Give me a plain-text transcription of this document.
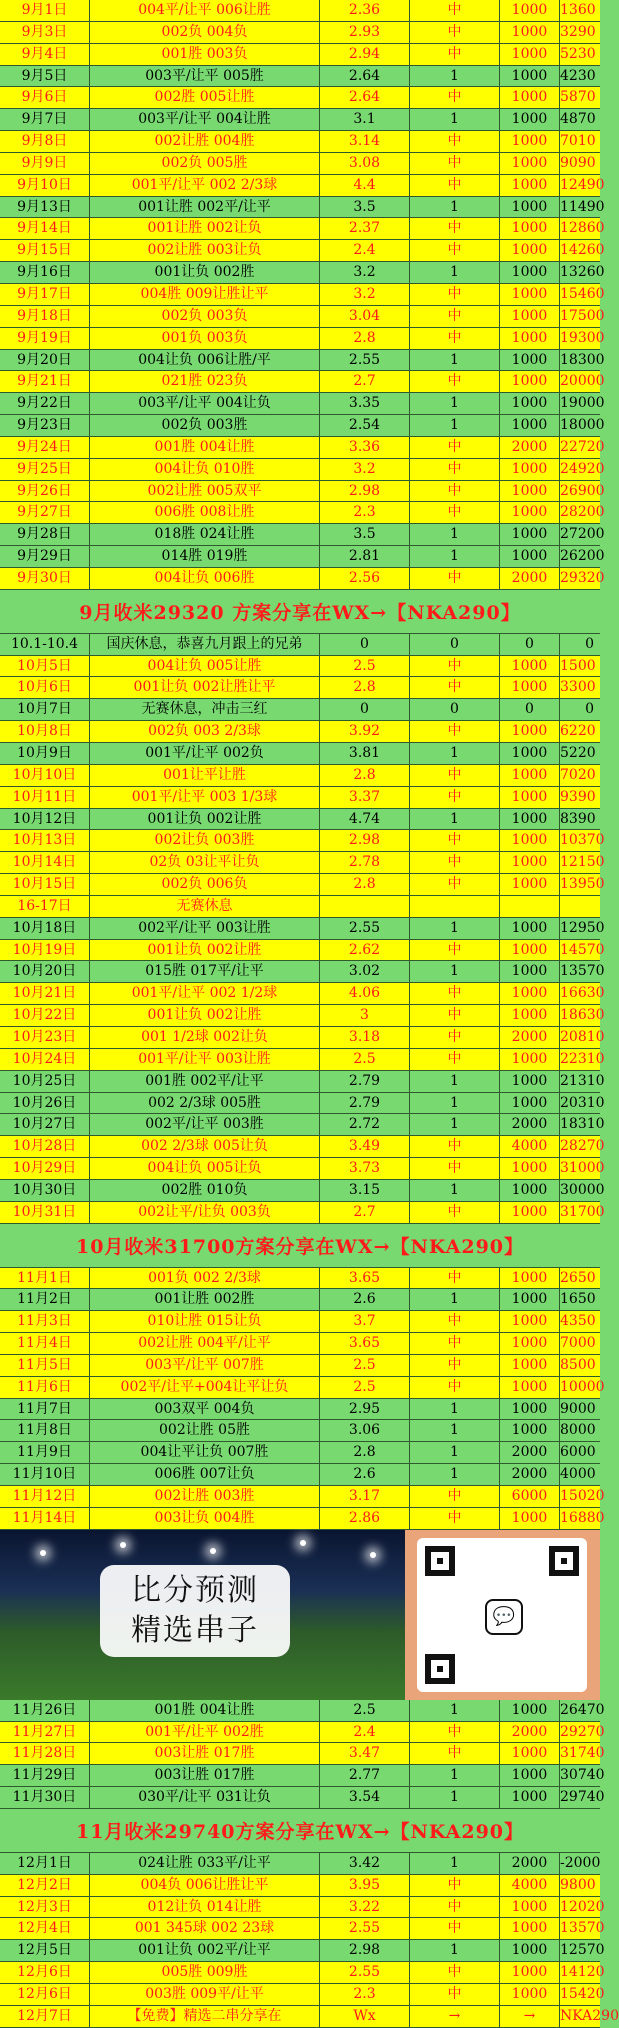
9月1日	004平/让平 006让胜	2.36	中	1000 1360
9月3日	002负 004负	2.93	中	1000 3290
9月4日	001胜 003负	2.94	中	1000 5230
9月5日	003平/让平 005胜	2.64	1	1000 4230
9月6日	002胜 005让胜	2.64	中	1000 5870
9月7日	003平/让平 004让胜	3.1	1	1000 4870
9月8日	002让胜 004胜	3.14	中	1000 7010
9月9日	002负 005胜	3.08	中	1000 9090
9月10日	001平/让平 002 2/3球	4.4	中	1000 12490
9月13日	001让胜 002平/让平	3.5	1	1000 11490
9月14日	001让胜 002让负	2.37	中	1000 12860
9月15日	002让胜 003让负	2.4	中	1000 14260
9月16日	001让负 002胜	3.2	1	1000 13260
9月17日	004胜 009让胜让平	3.2	中	1000 15460
9月18日	002负 003负	3.04	中	1000 17500
9月19日	001负 003负	2.8	中	1000 19300
9月20日	004让负 006让胜/平	2.55	1	1000 18300
9月21日	021胜 023负	2.7	中	1000 20000
9月22日	003平/让平 004让负	3.35	1	1000 19000
9月23日	002负 003胜	2.54	1	1000 18000
9月24日	001胜 004让胜	3.36	中	2000 22720
9月25日	004让负 010胜	3.2	中	1000 24920
9月26日	002让胜 005双平	2.98	中	1000 26900
9月27日	006胜 008让胜	2.3	中	1000 28200
9月28日	018胜 024让胜	3.5	1	1000 27200
9月29日	014胜 019胜	2.81	1	1000 26200
9月30日	004让负 006胜	2.56	中	2000 29320
9月收米29320 方案分享在WX→【NKA290】
10.1-10.4	国庆休息，恭喜九月跟上的兄弟	0	0	0	0
10月5日	004让负 005让胜	2.5	中	1000 1500
10月6日	001让负 002让胜让平	2.8	中	1000 3300
10月7日	无赛休息，冲击三红	0	0	0	0
10月8日	002负 003 2/3球	3.92	中	1000 6220
10月9日	001平/让平 002负	3.81	1	1000 5220
10月10日	001让平让胜	2.8	中	1000 7020
10月11日	001平/让平 003 1/3球	3.37	中	1000 9390
10月12日	001让负 002让胜	4.74	1	1000 8390
10月13日	002让负 003胜	2.98	中	1000 10370
10月14日	02负 03让平让负	2.78	中	1000 12150
10月15日	002负 006负	2.8	中	1000 13950
16-17日	无赛休息
10月18日	002平/让平 003让胜	2.55	1	1000 12950
10月19日	001让负 002让胜	2.62	中	1000 14570
10月20日	015胜 017平/让平	3.02	1	1000 13570
10月21日	001平/让平 002 1/2球	4.06	中	1000 16630
10月22日	001让负 002让胜	3	中	1000 18630
10月23日	001 1/2球 002让负	3.18	中	2000 20810
10月24日	001平/让平 003让胜	2.5	中	1000 22310
10月25日	001胜 002平/让平	2.79	1	1000 21310
10月26日	002 2/3球 005胜	2.79	1	1000 20310
10月27日	002平/让平 003胜	2.72	1	2000 18310
10月28日	002 2/3球 005让负	3.49	中	4000 28270
10月29日	004让负 005让负	3.73	中	1000 31000
10月30日	002胜 010负	3.15	1	1000 30000
10月31日	002让平/让负 003负	2.7	中	1000 31700
10月收米31700方案分享在WX→【NKA290】
11月1日	001负 002 2/3球	3.65	中	1000 2650
11月2日	001让胜 002胜	2.6	1	1000 1650
11月3日	010让胜 015让负	3.7	中	1000 4350
11月4日	002让胜 004平/让平	3.65	中	1000 7000
11月5日	003平/让平 007胜	2.5	中	1000 8500
11月6日	002平/让平+004让平让负	2.5	中	1000 10000
11月7日	003双平 004负	2.95	1	1000 9000
11月8日	002让胜 05胜	3.06	1	1000 8000
11月9日	004让平让负 007胜	2.8	1	2000 6000
11月10日	006胜 007让负	2.6	1	2000 4000
11月12日	002让胜 003胜	3.17	中	6000 15020
11月14日	003让负 004胜	2.86	中	1000 16880
比分预测
精选串子	💬
11月26日	001胜 004让胜	2.5	1	1000 26470
11月27日	001平/让平 002胜	2.4	中	2000 29270
11月28日	003让胜 017胜	3.47	中	1000 31740
11月29日	003让胜 017胜	2.77	1	1000 30740
11月30日	030平/让平 031让负	3.54	1	1000 29740
11月收米29740方案分享在WX→【NKA290】
12月1日	024让胜 033平/让平	3.42	1	2000 -2000
12月2日	004负 006让胜让平	3.95	中	4000 9800
12月3日	012让负 014让胜	3.22	中	1000 12020
12月4日	001 345球 002 23球	2.55	中	1000 13570
12月5日	001让负 002平/让平	2.98	1	1000 12570
12月6日	005胜 009胜	2.55	中	1000 14120
12月6日	003胜 009平/让平	2.3	中	1000 15420
12月7日	【免费】精选二串分享在	Wx	→	→	NKA290
